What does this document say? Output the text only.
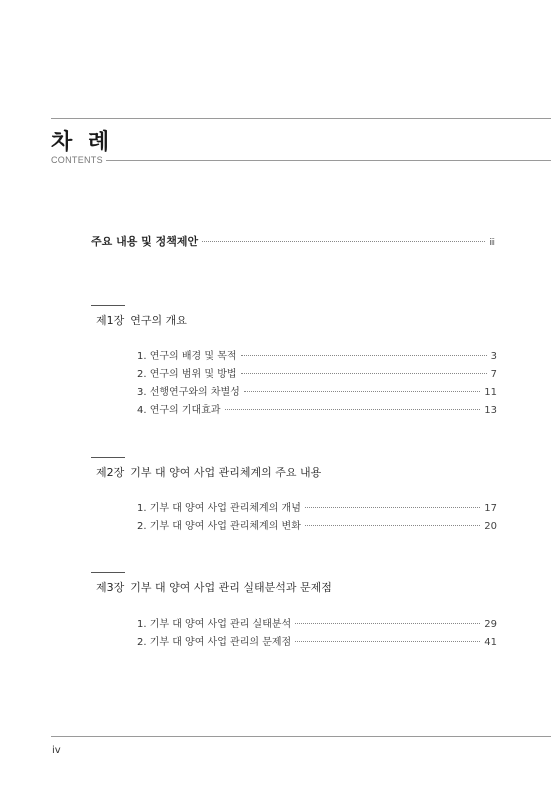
차 례
CONTENTS
주요 내용 및 정책제안	ⅲ
제1장 연구의 개요
1. 연구의 배경 및 목적	3
2. 연구의 범위 및 방법	7
3. 선행연구와의 차별성	11
4. 연구의 기대효과	13
제2장 기부 대 양여 사업 관리체계의 주요 내용
1. 기부 대 양여 사업 관리체계의 개념	17
2. 기부 대 양여 사업 관리체계의 변화	20
제3장 기부 대 양여 사업 관리 실태분석과 문제점
1. 기부 대 양여 사업 관리 실태분석	29
2. 기부 대 양여 사업 관리의 문제점	41
iv
